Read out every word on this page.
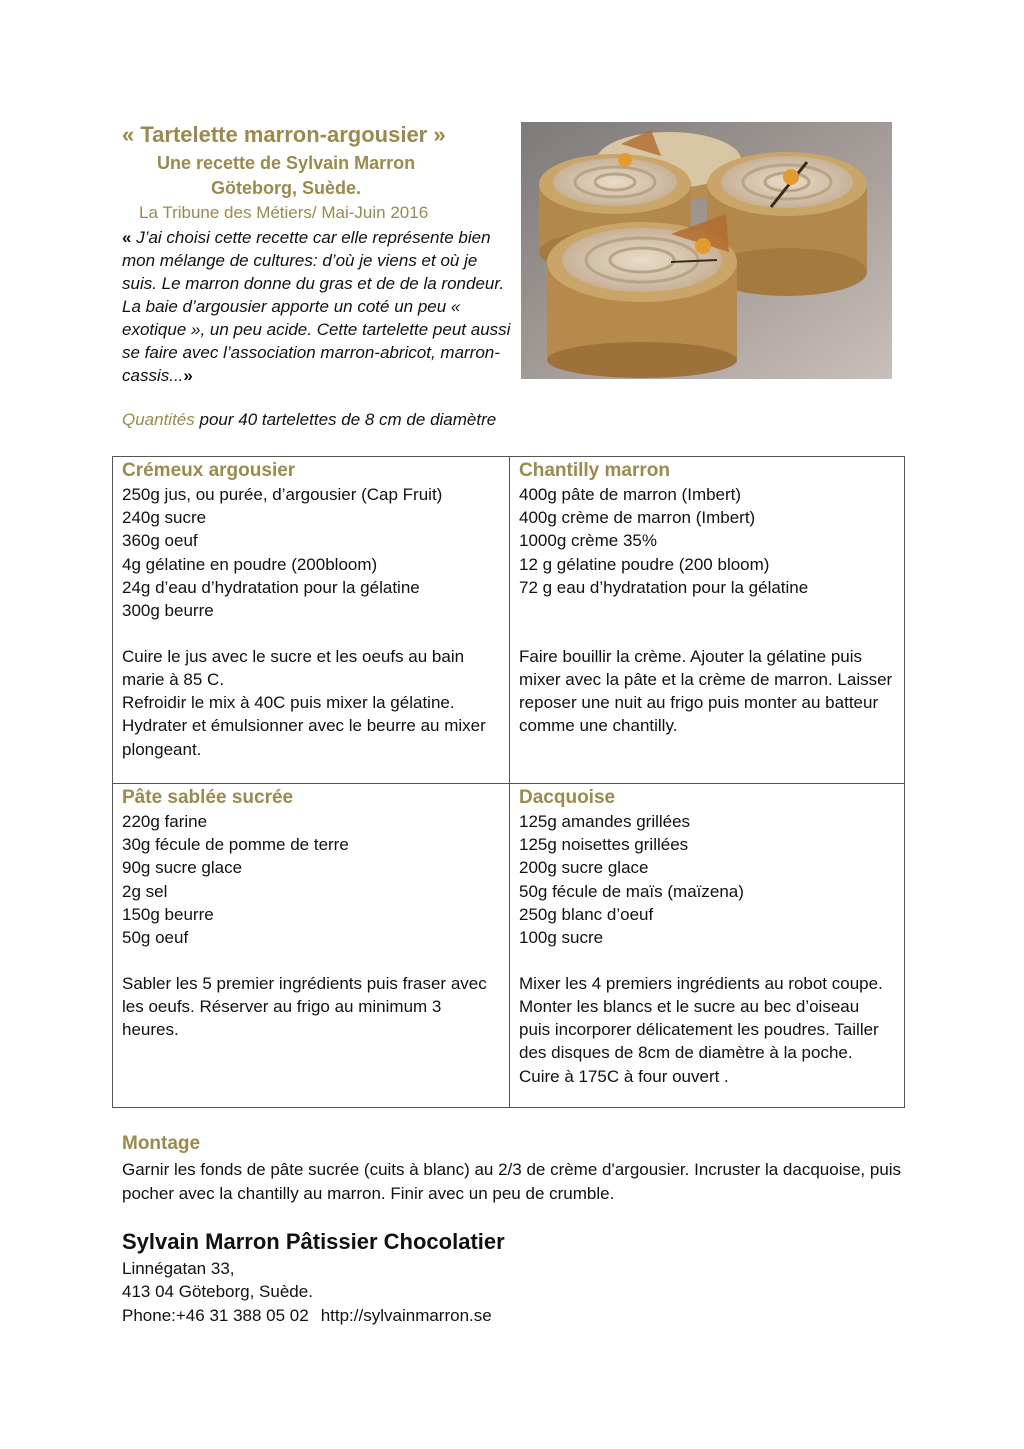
« Tartelette marron-argousier »
Une recette de Sylvain Marron
Göteborg, Suède.
La Tribune des Métiers/ Mai-Juin 2016
« J’ai choisi cette recette car elle représente bien mon mélange de cultures: d’où je viens et où je suis. Le marron donne du gras et de de la rondeur. La baie d’argousier apporte un coté un peu « exotique », un peu acide. Cette tartelette peut aussi se faire avec l’association marron-abricot, marron-cassis...»
Quantités pour 40 tartelettes de 8 cm de diamètre
Crémeux argousier
250g jus, ou purée, d’argousier (Cap Fruit)
240g sucre
360g oeuf
4g gélatine en poudre (200bloom)
24g d’eau d’hydratation pour la gélatine
300g beurre
Cuire le jus avec le sucre et les oeufs au bain marie à 85 C.
Refroidir le mix à 40C puis mixer la gélatine. Hydrater et émulsionner avec le beurre au mixer plongeant.
Chantilly marron
400g pâte de marron (Imbert)
400g crème de marron (Imbert)
1000g crème 35%
12 g gélatine poudre (200 bloom)
72 g eau d’hydratation pour la gélatine
Faire bouillir la crème. Ajouter la gélatine puis mixer avec la pâte et la crème de marron. Laisser reposer une nuit au frigo puis monter au batteur comme une chantilly.
Pâte sablée sucrée
220g farine
30g fécule de pomme de terre
90g sucre glace
2g sel
150g beurre
50g oeuf
Sabler les 5 premier ingrédients puis fraser avec les oeufs. Réserver au frigo au minimum 3 heures.
Dacquoise
125g amandes grillées
125g noisettes grillées
200g sucre glace
50g fécule de maïs (maïzena)
250g blanc d’oeuf
100g sucre
Mixer les 4 premiers ingrédients au robot coupe. Monter les blancs et le sucre au bec d’oiseau puis incorporer délicatement les poudres. Tailler des disques de 8cm de diamètre à la poche. Cuire à 175C à four ouvert .
Montage
Garnir les fonds de pâte sucrée (cuits à blanc) au 2/3 de crème d'argousier. Incruster la dacquoise, puis pocher avec la chantilly au marron. Finir avec un peu de crumble.
Sylvain Marron Pâtissier Chocolatier
Linnégatan 33,
413 04 Göteborg, Suède.
Phone:+46 31 388 05 02 http://sylvainmarron.se
